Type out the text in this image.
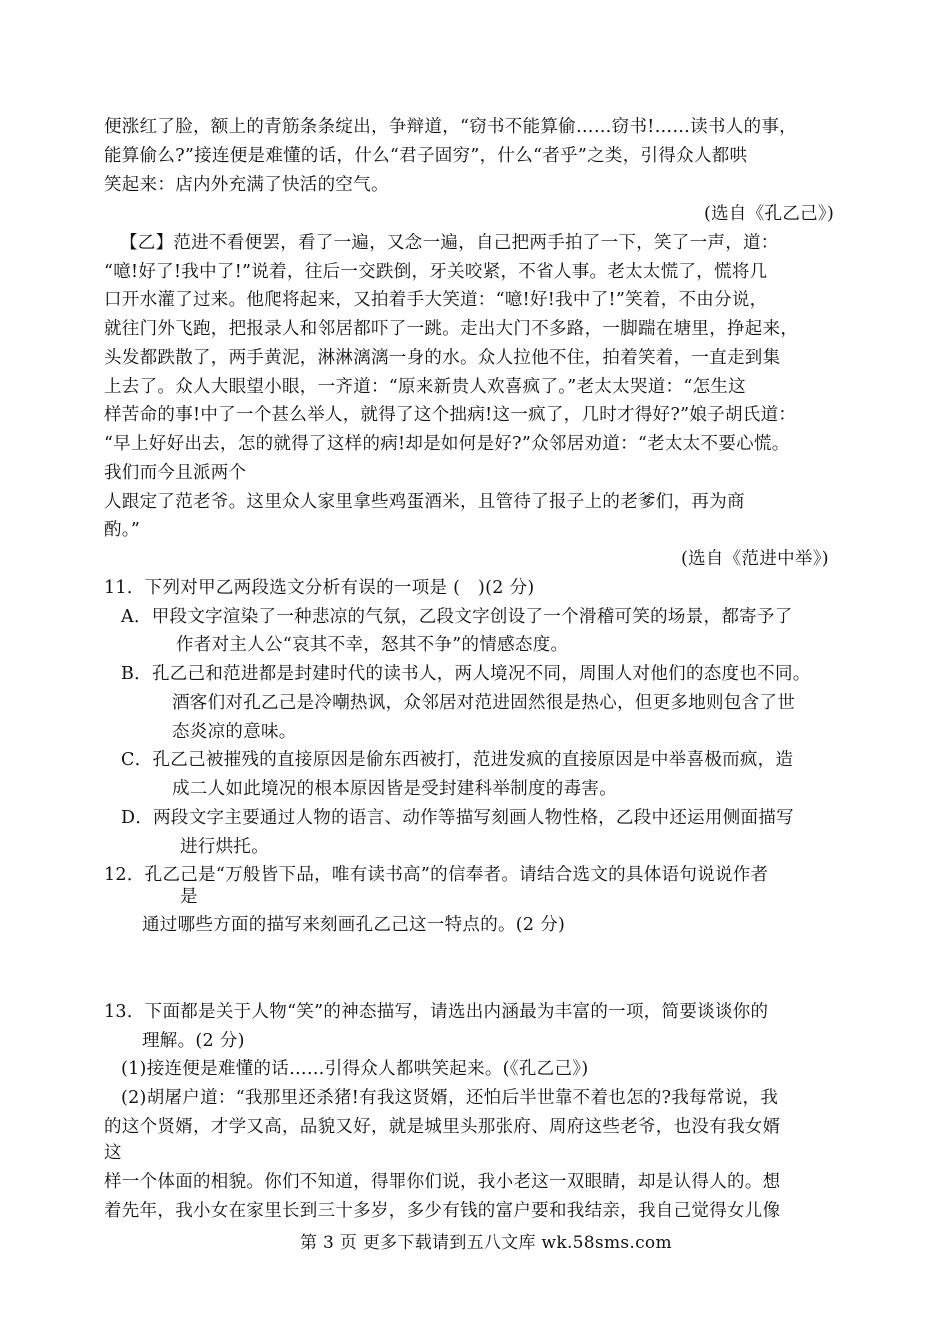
便涨红了脸，额上的青筋条条绽出，争辩道，“窃书不能算偷……窃书!……读书人的事，
能算偷么?”接连便是难懂的话，什么“君子固穷”，什么“者乎”之类，引得众人都哄
笑起来：店内外充满了快活的空气。
(选自《孔乙己》)
【乙】范进不看便罢，看了一遍，又念一遍，自己把两手拍了一下，笑了一声，道：
“噫!好了!我中了!”说着，往后一交跌倒，牙关咬紧，不省人事。老太太慌了，慌将几
口开水灌了过来。他爬将起来，又拍着手大笑道：“噫!好!我中了!”笑着，不由分说，
就往门外飞跑，把报录人和邻居都吓了一跳。走出大门不多路，一脚踹在塘里，挣起来，
头发都跌散了，两手黄泥，淋淋漓漓一身的水。众人拉他不住，拍着笑着，一直走到集
上去了。众人大眼望小眼，一齐道：“原来新贵人欢喜疯了。”老太太哭道：“怎生这
样苦命的事!中了一个甚么举人，就得了这个拙病!这一疯了，几时才得好?”娘子胡氏道：
“早上好好出去，怎的就得了这样的病!却是如何是好?”众邻居劝道：“老太太不要心慌。
我们而今且派两个
人跟定了范老爷。这里众人家里拿些鸡蛋酒米，且管待了报子上的老爹们，再为商
酌。”
(选自《范进中举》)
11．下列对甲乙两段选文分析有误的一项是 (　)(2 分)
A．甲段文字渲染了一种悲凉的气氛，乙段文字创设了一个滑稽可笑的场景，都寄予了
作者对主人公“哀其不幸，怒其不争”的情感态度。
B．孔乙己和范进都是封建时代的读书人，两人境况不同，周围人对他们的态度也不同。
酒客们对孔乙己是冷嘲热讽，众邻居对范进固然很是热心，但更多地则包含了世
态炎凉的意味。
C．孔乙己被摧残的直接原因是偷东西被打，范进发疯的直接原因是中举喜极而疯，造
成二人如此境况的根本原因皆是受封建科举制度的毒害。
D．两段文字主要通过人物的语言、动作等描写刻画人物性格，乙段中还运用侧面描写
进行烘托。
12．孔乙己是“万般皆下品，唯有读书高”的信奉者。请结合选文的具体语句说说作者
是
通过哪些方面的描写来刻画孔乙己这一特点的。(2 分)
13．下面都是关于人物“笑”的神态描写，请选出内涵最为丰富的一项，简要谈谈你的
理解。(2 分)
(1)接连便是难懂的话……引得众人都哄笑起来。(《孔乙己》)
(2)胡屠户道：“我那里还杀猪!有我这贤婿，还怕后半世靠不着也怎的?我每常说，我
的这个贤婿，才学又高，品貌又好，就是城里头那张府、周府这些老爷，也没有我女婿
这
样一个体面的相貌。你们不知道，得罪你们说，我小老这一双眼睛，却是认得人的。想
着先年，我小女在家里长到三十多岁，多少有钱的富户要和我结亲，我自己觉得女儿像
第 3 页 更多下载请到五八文库 wk.58sms.com
